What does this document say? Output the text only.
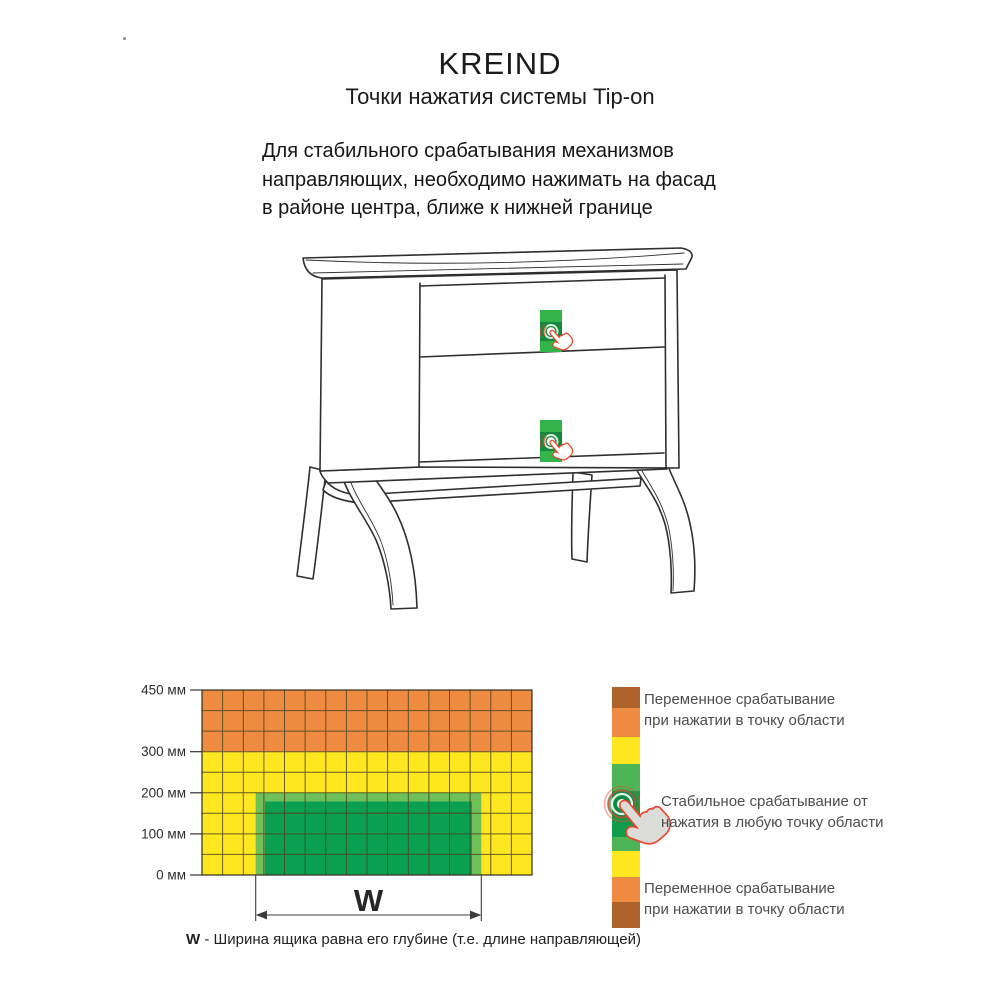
KREIND
Точки нажатия системы Tip-on
Для стабильного срабатывания механизмов
направляющих, необходимо нажимать на фасад
в районе центра, ближе к нижней границе
450 мм
300 мм
200 мм
100 мм
0 мм
W
W - Ширина ящика равна его глубине (т.е. длине направляющей)
Переменное срабатывание
при нажатии в точку области
Стабильное срабатывание от
нажатия в любую точку области
Переменное срабатывание
при нажатии в точку области
